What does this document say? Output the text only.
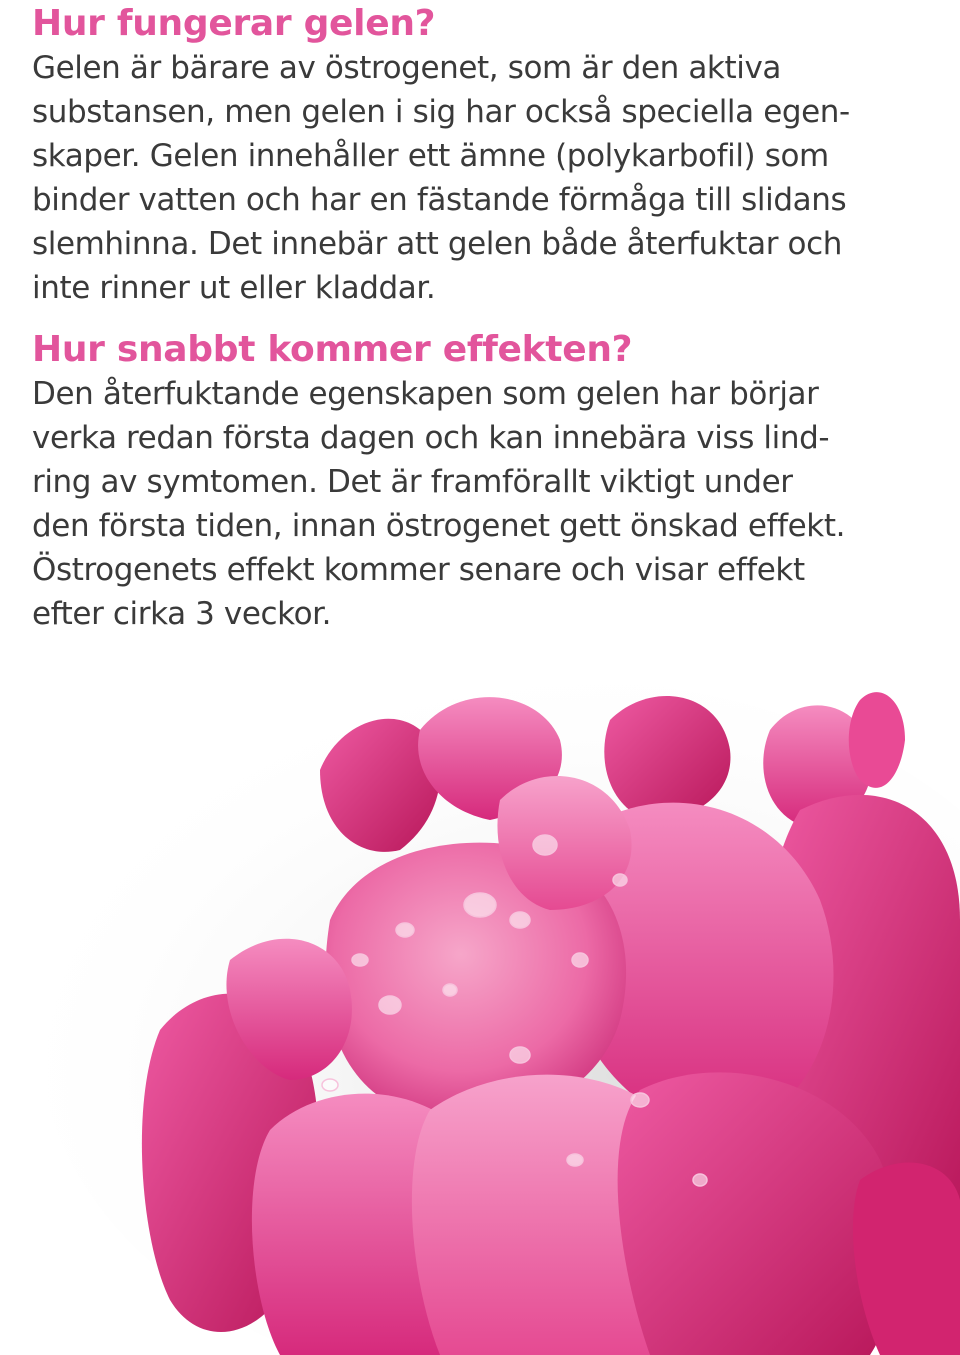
Hur fungerar gelen?

Gelen är bärare av östrogenet, som är den aktiva
substansen, men gelen i sig har också speciella egen-
skaper. Gelen innehåller ett ämne (polykarbofil) som
binder vatten och har en fästande förmåga till slidans
slemhinna. Det innebär att gelen både återfuktar och
inte rinner ut eller kladdar.

Hur snabbt kommer effekten?

Den återfuktande egenskapen som gelen har börjar
verka redan första dagen och kan innebära viss lind-
ring av symtomen. Det är framförallt viktigt under
den första tiden, innan östrogenet gett önskad effekt.
Östrogenets effekt kommer senare och visar effekt
efter cirka 3 veckor.
